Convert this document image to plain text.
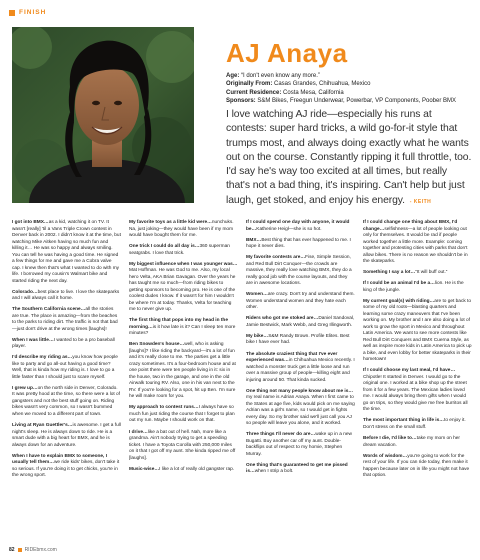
FINISH
AJ Anaya
Age: “I don't even know any more.”
Originally From: Casas Grandes, Chihuahua, Mexico
Current Residence: Costa Mesa, California
Sponsors: S&M Bikes, Freegun Underwear, Powerbar, VP Components, Poober BMX
I love watching AJ ride—especially his runs at contests: super hard tricks, a wild go-for-it style that trumps most, and always doing exactly what he wants out on the course. Constantly ripping it full throttle, too. I'd say he's way too excited at all times, but really that's not a bad thing, it's inspiring. Can't help but just laugh, get stoked, and enjoy his energy. - KEITH

I got into BMX…as a kid, watching it on TV. It wasn't [really] 'til a Vans Triple Crown contest in Denver back in 2002. I didn't know it at the time, but watching Mike Aitken having so much fun and killing it… He was so happy and always smiling. You can tell he was having a good time. He signed a few things for me and gave me a Cobra valve cap. I knew then that's what I wanted to do with my life. I borrowed my cousin's Walmart bike and started riding the next day.

Colorado…best place to live. I love the skateparks and I will always call it home.

The Southern California scene…all the stories are true. The place is amazing—from the beaches to the parks to riding dirt. The traffic is not that bad—just don't drive at the wrong times [laughs]!

When I was little…I wanted to be a pro baseball player.

I'd describe my riding as…you know how people like to party and go all-out having a good time? Well, that is kinda how my riding is. I love to go a little faster than I should just to scare myself.

I grew up…on the north side in Denver, Colorado. It was pretty hood at the time, so there were a lot of gangsters and not the best stuff going on. Riding bikes wasn't very common, so I wasn't bummed when we moved to a different part of town.

Living at Ryan Guettler's…is awesome. I get a full night's sleep. He is always down to ride. He is a smart dude with a big heart for BMX, and he is always down for an adventure.

When I have to explain BMX to someone, I usually tell them…we ride kids' bikes, don't take it so serious. If you're doing it to get chicks, you're in the wrong sport.

My favorite toys as a little kid were…nunchuks. Na, just joking—they would have been if my mom would have bought them for me.

One trick I could do all day is…360 superman seatgrabs. I love that trick.

My biggest influence when I was younger was…Mat Hoffman. He was God to me. Also, my local hero Velta, AKA Brian Gavagan. Over the years he has taught me so much—from riding bikes to getting sponsors to becoming pro. He is one of the coolest dudes I know. If it wasn't for him I wouldn't be where I'm at today. Thanks, Velta for teaching me to never give up.

The first thing that pops into my head in the morning…is it how late is it? Can I sleep ten more minutes?

Ben Snowden's house…well, who is asking [laughs]? I like riding the backyard—it's a lot of fun and it's really close to me. The parties get a little crazy sometimes. It's a four-bedroom house and at one point there were ten people living in it: six in the house, two in the garage, and one in the old Airwalk touring RV. Also, one in his van next to the RV. If you're looking for a spot, hit up Ben. I'm sure he will make room for you.

My approach to contest runs…I always have so much fun just riding the course that I forget to plan out my run. Maybe I should work on that.

I drive…like a bat out of hell. Nah, more like a grandma. Ain't nobody trying to get a speeding ticket. I have a Toyota Corolla with 250,000 miles on it that I got off my aunt. She kinda ripped me off [laughs].

Music-wise…I like a lot of really old gangster rap.

If I could spend one day with anyone, it would be…Katherine Heigl—she is so hot.

BMX…Best thing that has ever happened to me. I hope it never dies.

My favorite contests are…Fise, Simple Session, and Red Bull Dirt Conquer—the crowds are massive, they really love watching BMX, they do a really good job with the course layouts, and they are in awesome locations.

Women…are crazy. Don't try and understand them. Women understand women and they hate each other.

Riders who got me stoked are…Daniel Sandoval, Jamie Bestwick, Mark Webb, and Greg Illingworth.

My bike…S&M Randy Brown. Profile Elites. Best bike I have ever had.

The absolute craziest thing that I've ever experienced was…in Chihuahua Mexico recently. I watched a monster truck get a little loose and run over a massive group of people—killing eight and injuring around 50. That kinda sucked.

One thing not many people know about me is…my real name is Adrian Anaya. When I first came to the States at age five, kids would pick on me saying Adrian was a girl's name, so I would get in fights every day. So my brother said we'll just call you AJ so people will leave you alone, and it worked.

Three things I'll never do are…wake up in a new Bugatti. Buy another car off my aunt. Double-backflips out of respect to my homie, Stephen Murray.

One thing that's guaranteed to get me pissed is…when I strip a bolt.

If I could change one thing about BMX, I'd change…selfishness—a lot of people looking out only for themselves. It would be rad if people worked together a little more. Example: coming together and protesting cities with parks that don't allow bikes. There is no reason we shouldn't be in the skateparks.

Something I say a lot…“It will buff out.”

If I could be an animal I'd be a…lion. He is the king of the jungle.

My current goal(s) with riding…are to get back to some of my old roots—blasting quarters and learning some crazy maneuvers that I've been working on. My brother and I are also doing a lot of work to grow the sport in Mexico and throughout Latin America. We want to see more contests like Red Bull Dirt Conquers and BMX Cuerna Style, as well as inspire more kids in Latin America to pick up a bike, and even lobby for better skateparks in their hometown!

If I could choose my last meal, I'd have…Chipotle! It started in Denver. I would go to the original one. I worked at a bike shop up the street from it for a few years. The Mexican ladies loved me. I would always bring them gifts when I would go on trips, so they would give me free burritos all the time.

The most important thing in life is…to enjoy it. Don't stress on the small stuff.

Before I die, I'd like to…take my mom on her dream vacation.

Words of wisdom…you're going to work for the rest of your life. If you can ride today, then make it happen because later on in life you might not have that option.

82 RIDEbmx.com
